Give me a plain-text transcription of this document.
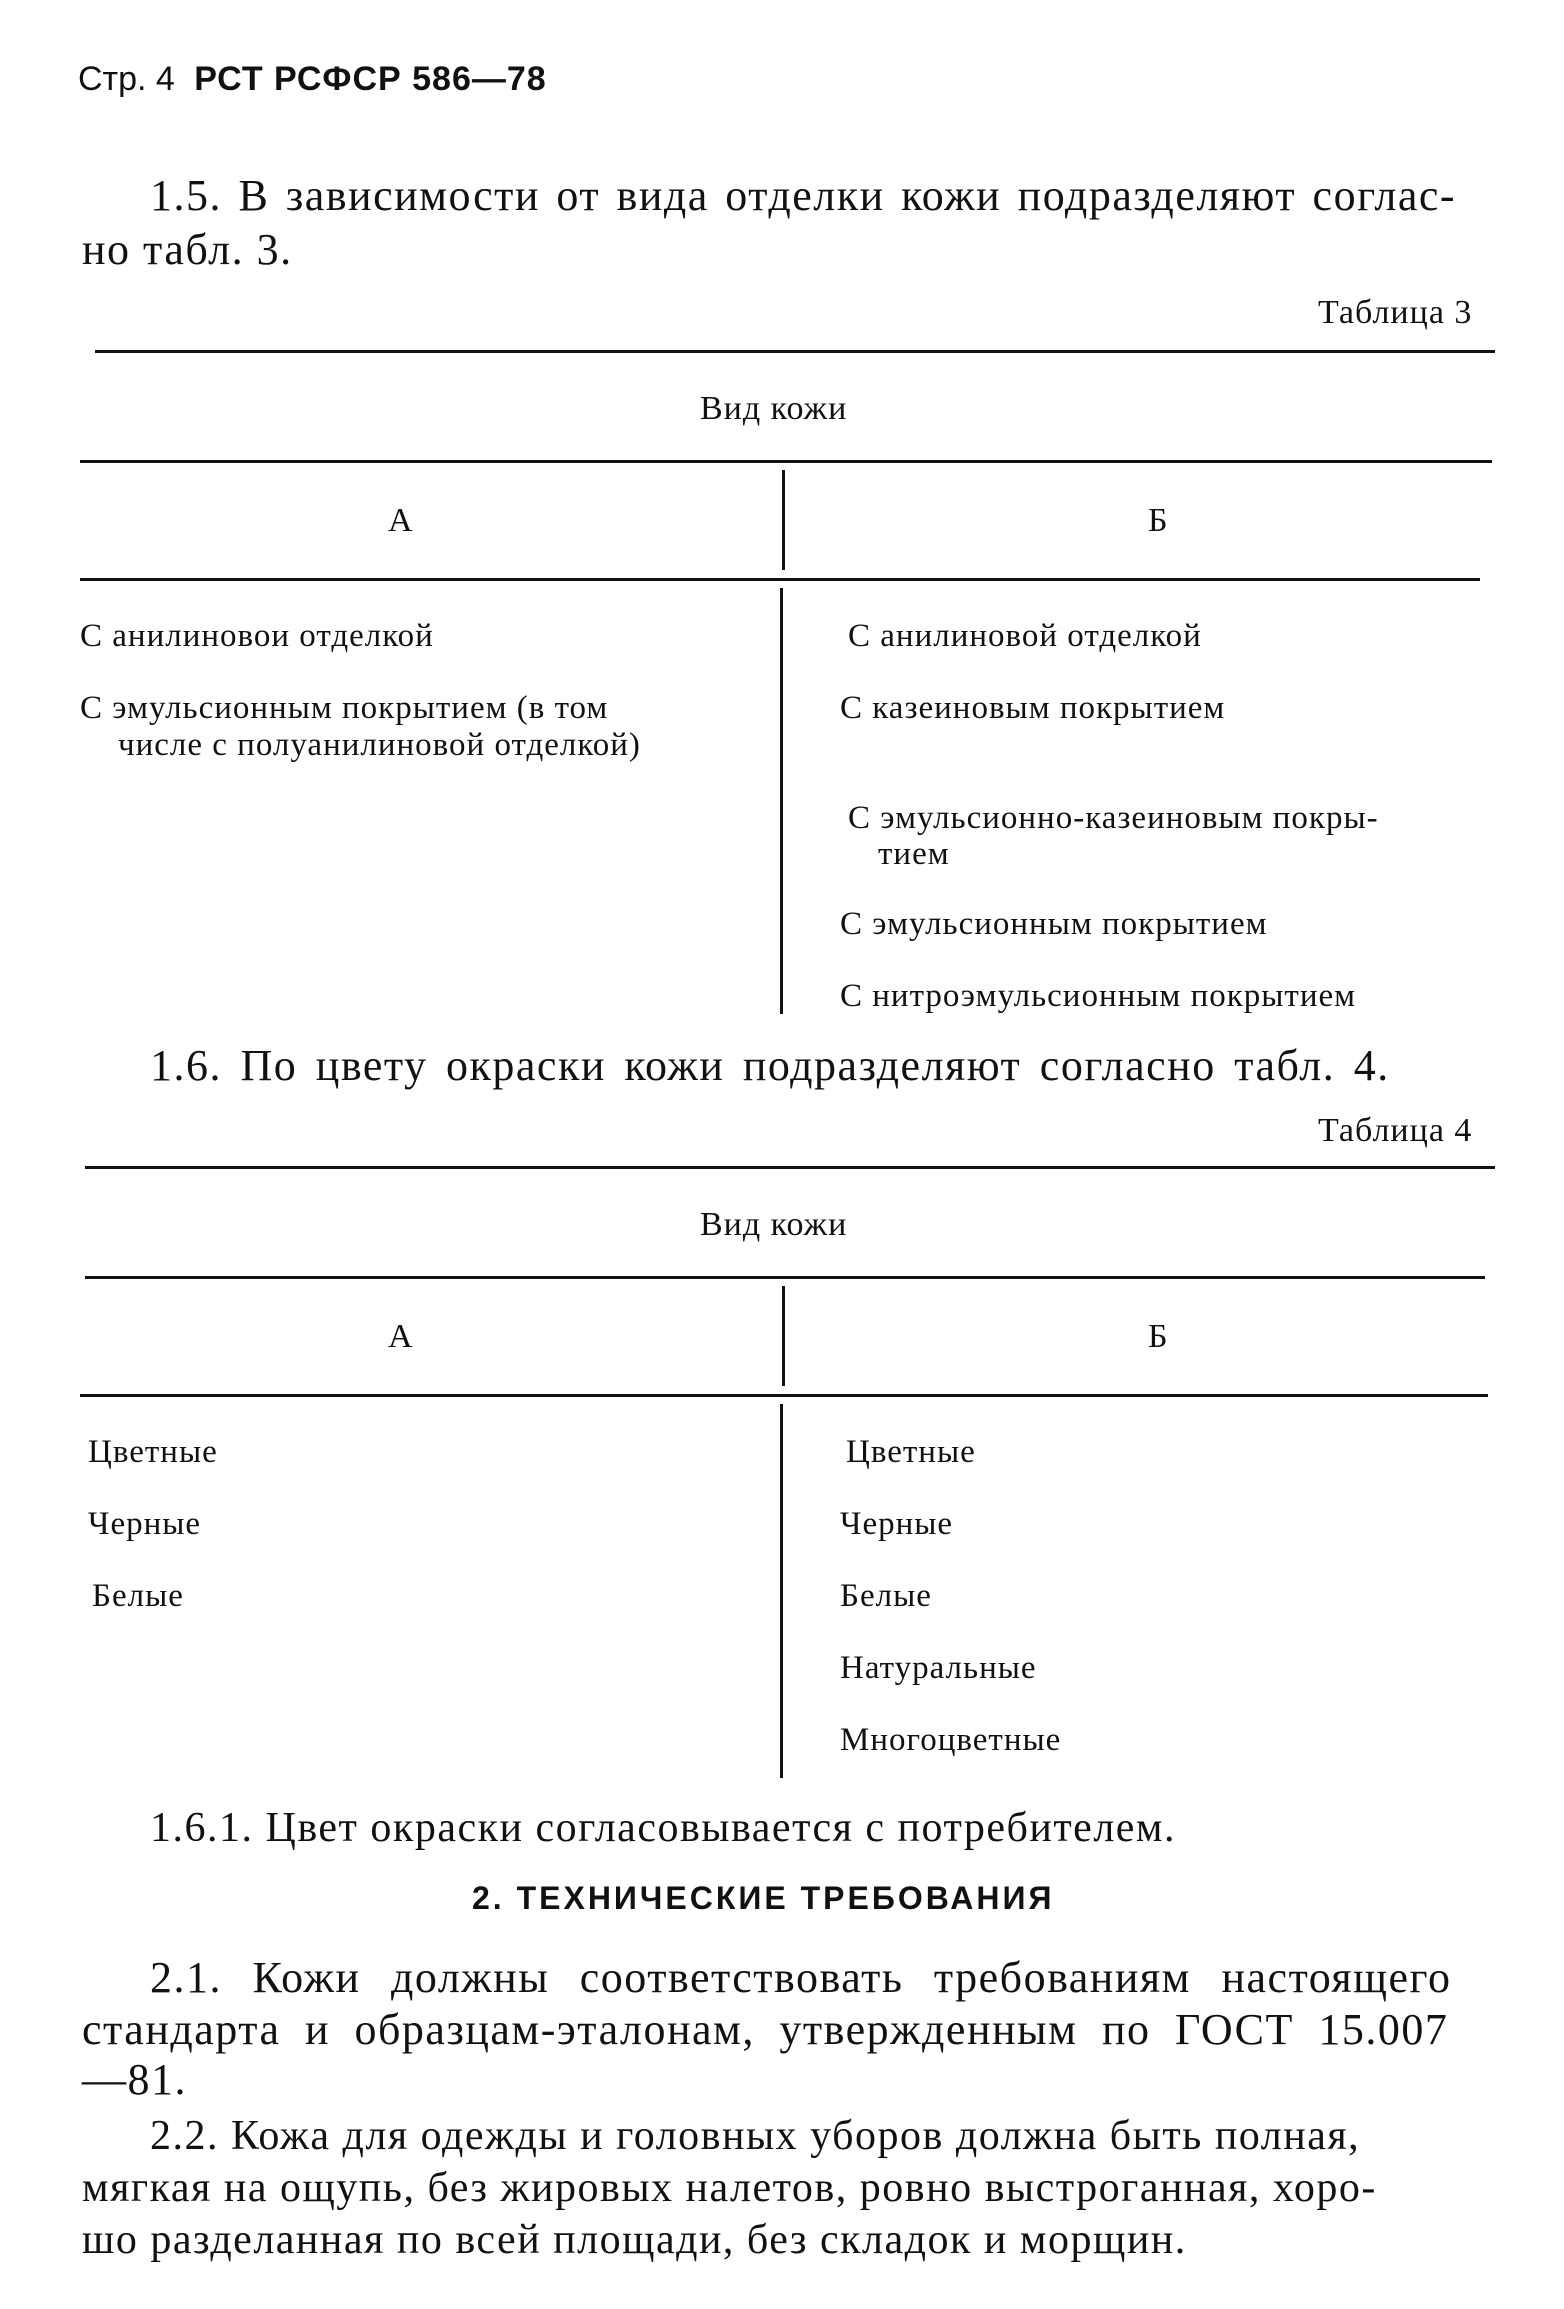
Стр. 4 РСТ РСФСР 586—78
1.5. В зависимости от вида отделки кожи подразделяют соглас-
но табл. 3.
Таблица 3
Вид кожи
А	Б
С анилиновои отделкой
С эмульсионным покрытием (в том
числе с полуанилиновой отделкой)
С анилиновой отделкой
С казеиновым покрытием
С эмульсионно-казеиновым покры-
тием
С эмульсионным покрытием
С нитроэмульсионным покрытием
1.6. По цвету окраски кожи подразделяют согласно табл. 4.
Таблица 4
Вид кожи
А	Б
Цветные
Черные
Белые
Цветные
Черные
Белые
Натуральные
Многоцветные
1.6.1. Цвет окраски согласовывается с потребителем.
2. ТЕХНИЧЕСКИЕ ТРЕБОВАНИЯ
2.1. Кожи должны соответствовать требованиям настоящего
стандарта и образцам-эталонам, утвержденным по ГОСТ 15.007
—81.
2.2. Кожа для одежды и головных уборов должна быть полная,
мягкая на ощупь, без жировых налетов, ровно выстроганная, хоро-
шо разделанная по всей площади, без складок и морщин.
